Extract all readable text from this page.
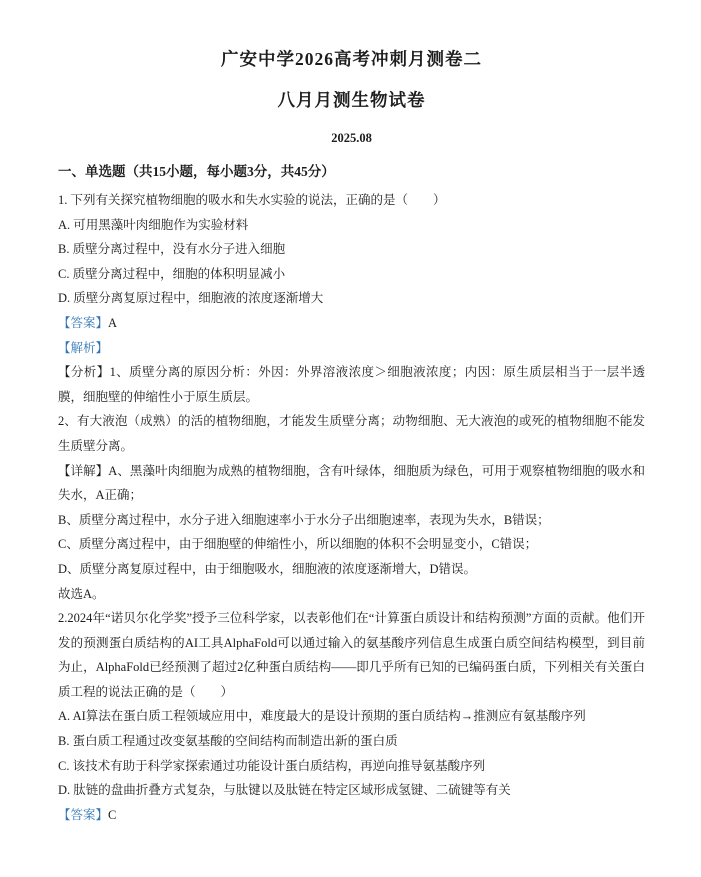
广安中学2026高考冲刺月测卷二
八月月测生物试卷
2025.08
一、单选题（共15小题，每小题3分，共45分）

1. 下列有关探究植物细胞的吸水和失水实验的说法，正确的是（　　）

A. 可用黑藻叶肉细胞作为实验材料

B. 质壁分离过程中，没有水分子进入细胞

C. 质壁分离过程中，细胞的体积明显减小

D. 质壁分离复原过程中，细胞液的浓度逐渐增大

【答案】A

【解析】

【分析】1、质壁分离的原因分析：外因：外界溶液浓度＞细胞液浓度；内因：原生质层相当于一层半透膜，细胞壁的伸缩性小于原生质层。

2、有大液泡（成熟）的活的植物细胞，才能发生质壁分离；动物细胞、无大液泡的或死的植物细胞不能发生质壁分离。

【详解】A、黑藻叶肉细胞为成熟的植物细胞，含有叶绿体，细胞质为绿色，可用于观察植物细胞的吸水和失水，A正确；

B、质壁分离过程中，水分子进入细胞速率小于水分子出细胞速率，表现为失水，B错误；

C、质壁分离过程中，由于细胞壁的伸缩性小，所以细胞的体积不会明显变小，C错误；

D、质壁分离复原过程中，由于细胞吸水，细胞液的浓度逐渐增大，D错误。

故选A。

2.2024年“诺贝尔化学奖”授予三位科学家，以表彰他们在“计算蛋白质设计和结构预测”方面的贡献。他们开发的预测蛋白质结构的AI工具AlphaFold可以通过输入的氨基酸序列信息生成蛋白质空间结构模型，到目前为止，AlphaFold已经预测了超过2亿种蛋白质结构——即几乎所有已知的已编码蛋白质，下列相关有关蛋白质工程的说法正确的是（　　）

A. AI算法在蛋白质工程领域应用中，难度最大的是设计预期的蛋白质结构→推测应有氨基酸序列

B. 蛋白质工程通过改变氨基酸的空间结构而制造出新的蛋白质

C. 该技术有助于科学家探索通过功能设计蛋白质结构，再逆向推导氨基酸序列

D. 肽链的盘曲折叠方式复杂，与肽键以及肽链在特定区域形成氢键、二硫键等有关

【答案】C
